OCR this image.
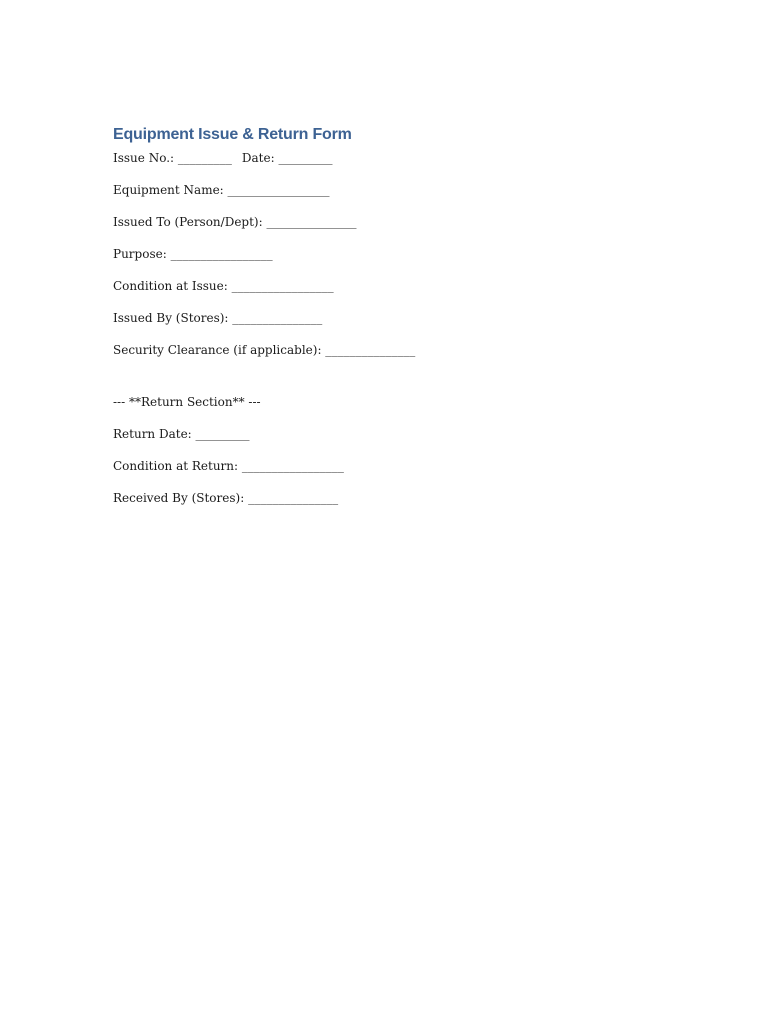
Equipment Issue & Return Form
Issue No.: _________ Date: _________
Equipment Name: _________________
Issued To (Person/Dept): _______________
Purpose: _________________
Condition at Issue: _________________
Issued By (Stores): _______________
Security Clearance (if applicable): _______________
--- **Return Section** ---
Return Date: _________
Condition at Return: _________________
Received By (Stores): _______________
